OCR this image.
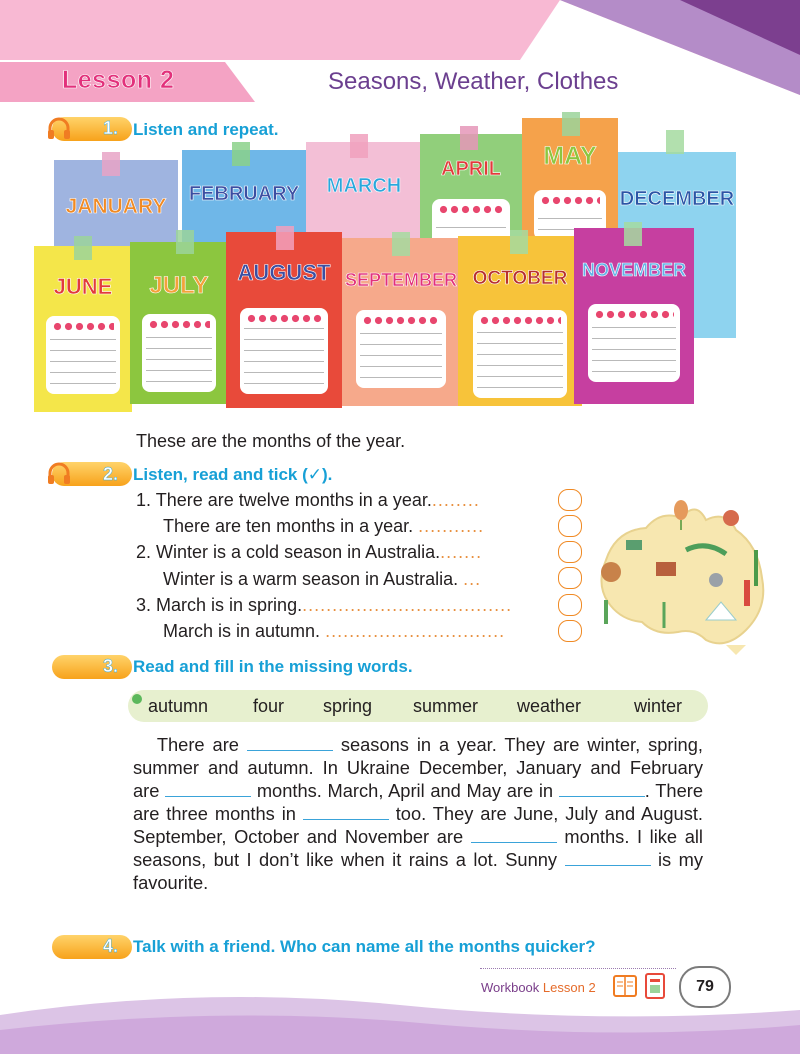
Lesson 2	Seasons, Weather, Clothes
1. Listen and repeat.
JANUARY
FEBRUARY	MARCH
APRIL	MAY
DECEMBER
JUNE	JULY	AUGUST SEPTEMBER OCTOBER NOVEMBER
These are the months of the year.
2. Listen, read and tick (✓).
1. There are twelve months in a year.........
There are ten months in a year. ...........
2. Winter is a cold season in Australia........
Winter is a warm season in Australia. ...
3. March is in spring....................................
March is in autumn. ..............................
3. Read and fill in the missing words.
autumn four spring summer weather	winter
There are	seasons in a year. They are winter, spring, summer and autumn. In Ukraine December, January and February are	months. March, April and May are in	. There are three months in	too. They are June, July and August. September, October and November are	months. I like all seasons, but I don’t like when it rains a lot. Sunny	is my favourite.
4. Talk with a friend. Who can name all the months quicker?
Workbook Lesson 2	79
